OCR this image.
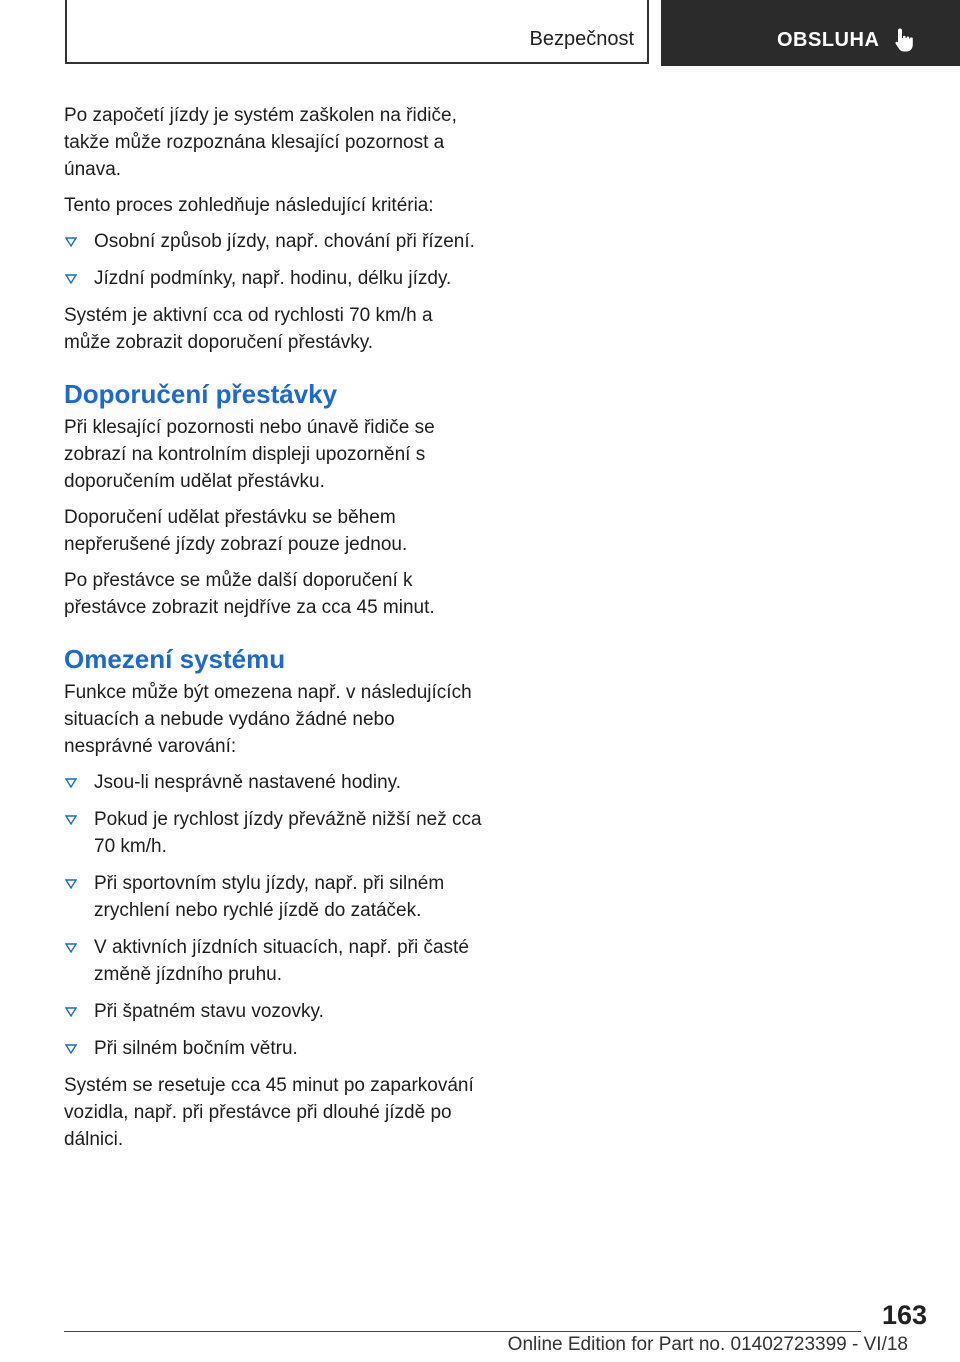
Bezpečnost	OBSLUHA

Po započetí jízdy je systém zaškolen na řidiče, takže může rozpoznána klesající pozornost a únava.

Tento proces zohledňuje následující kritéria:

Osobní způsob jízdy, např. chování při řízení.
Jízdní podmínky, např. hodinu, délku jízdy.

Systém je aktivní cca od rychlosti 70 km/h a může zobrazit doporučení přestávky.

Doporučení přestávky

Při klesající pozornosti nebo únavě řidiče se zobrazí na kontrolním displeji upozornění s doporučením udělat přestávku.

Doporučení udělat přestávku se během nepřerušené jízdy zobrazí pouze jednou.

Po přestávce se může další doporučení k přestávce zobrazit nejdříve za cca 45 minut.

Omezení systému

Funkce může být omezena např. v následujících situacích a nebude vydáno žádné nebo nesprávné varování:

Jsou-li nesprávně nastavené hodiny.
Pokud je rychlost jízdy převážně nižší než cca 70 km/h.
Při sportovním stylu jízdy, např. při silném zrychlení nebo rychlé jízdě do zatáček.
V aktivních jízdních situacích, např. při časté změně jízdního pruhu.
Při špatném stavu vozovky.
Při silném bočním větru.

Systém se resetuje cca 45 minut po zaparkování vozidla, např. při přestávce při dlouhé jízdě po dálnici.

163
Online Edition for Part no. 01402723399 - VI/18
